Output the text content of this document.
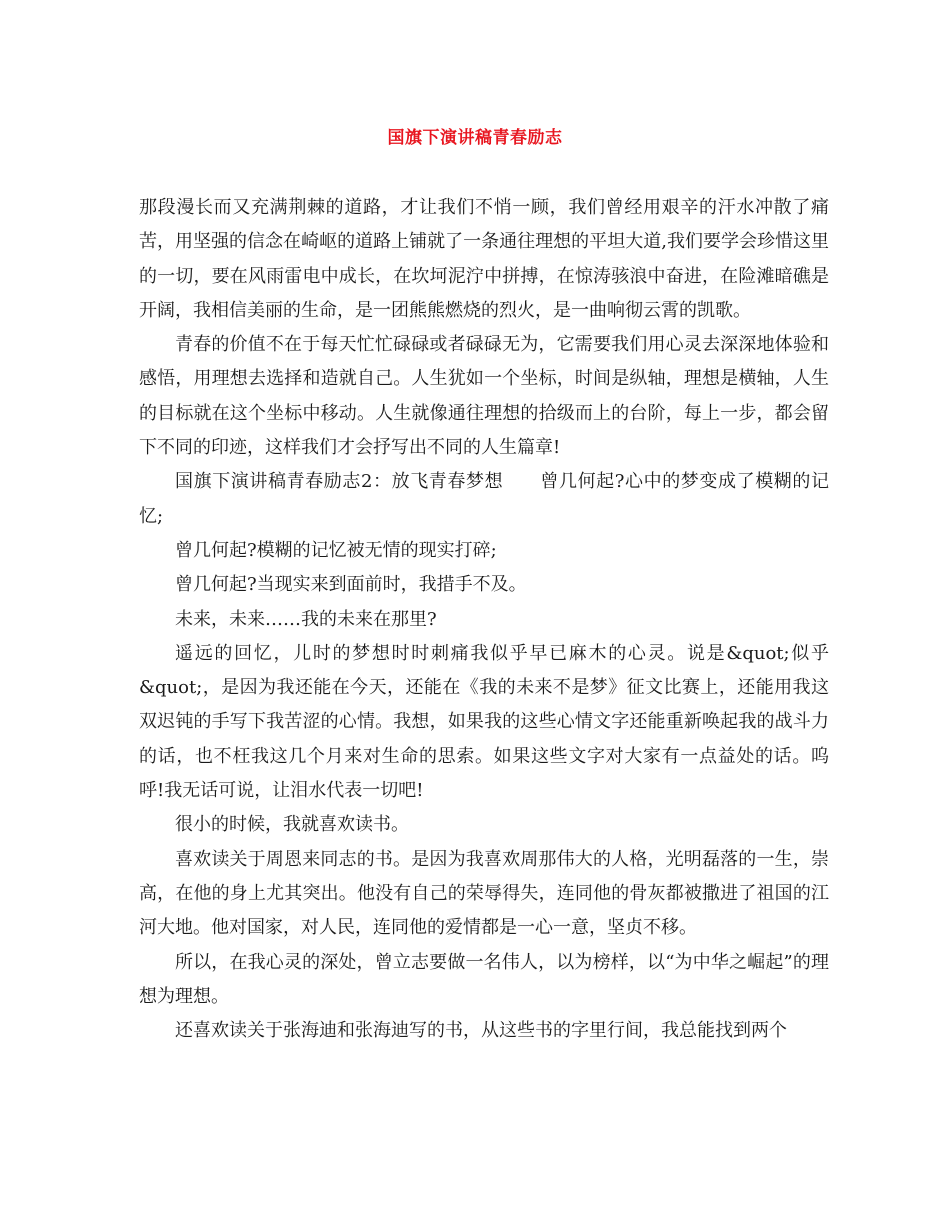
国旗下演讲稿青春励志

那段漫长而又充满荆棘的道路，才让我们不悄一顾，我们曾经用艰辛的汗水冲散了痛苦，用坚强的信念在崎岖的道路上铺就了一条通往理想的平坦大道,我们要学会珍惜这里的一切，要在风雨雷电中成长，在坎坷泥泞中拼搏，在惊涛骇浪中奋进，在险滩暗礁是开阔，我相信美丽的生命，是一团熊熊燃烧的烈火，是一曲响彻云霄的凯歌。

青春的价值不在于每天忙忙碌碌或者碌碌无为，它需要我们用心灵去深深地体验和感悟，用理想去选择和造就自己。人生犹如一个坐标，时间是纵轴，理想是横轴，人生的目标就在这个坐标中移动。人生就像通往理想的拾级而上的台阶，每上一步，都会留下不同的印迹，这样我们才会抒写出不同的人生篇章!

国旗下演讲稿青春励志2：放飞青春梦想　　曾几何起?心中的梦变成了模糊的记忆;

曾几何起?模糊的记忆被无情的现实打碎;

曾几何起?当现实来到面前时，我措手不及。

未来，未来……我的未来在那里?

遥远的回忆，儿时的梦想时时刺痛我似乎早已麻木的心灵。说是&quot;似乎&quot;，是因为我还能在今天，还能在《我的未来不是梦》征文比赛上，还能用我这双迟钝的手写下我苦涩的心情。我想，如果我的这些心情文字还能重新唤起我的战斗力的话，也不枉我这几个月来对生命的思索。如果这些文字对大家有一点益处的话。呜呼!我无话可说，让泪水代表一切吧!

很小的时候，我就喜欢读书。

喜欢读关于周恩来同志的书。是因为我喜欢周那伟大的人格，光明磊落的一生，崇高，在他的身上尤其突出。他没有自己的荣辱得失，连同他的骨灰都被撒进了祖国的江河大地。他对国家，对人民，连同他的爱情都是一心一意，坚贞不移。

所以，在我心灵的深处，曾立志要做一名伟人，以为榜样，以“为中华之崛起”的理想为理想。

还喜欢读关于张海迪和张海迪写的书，从这些书的字里行间，我总能找到两个
